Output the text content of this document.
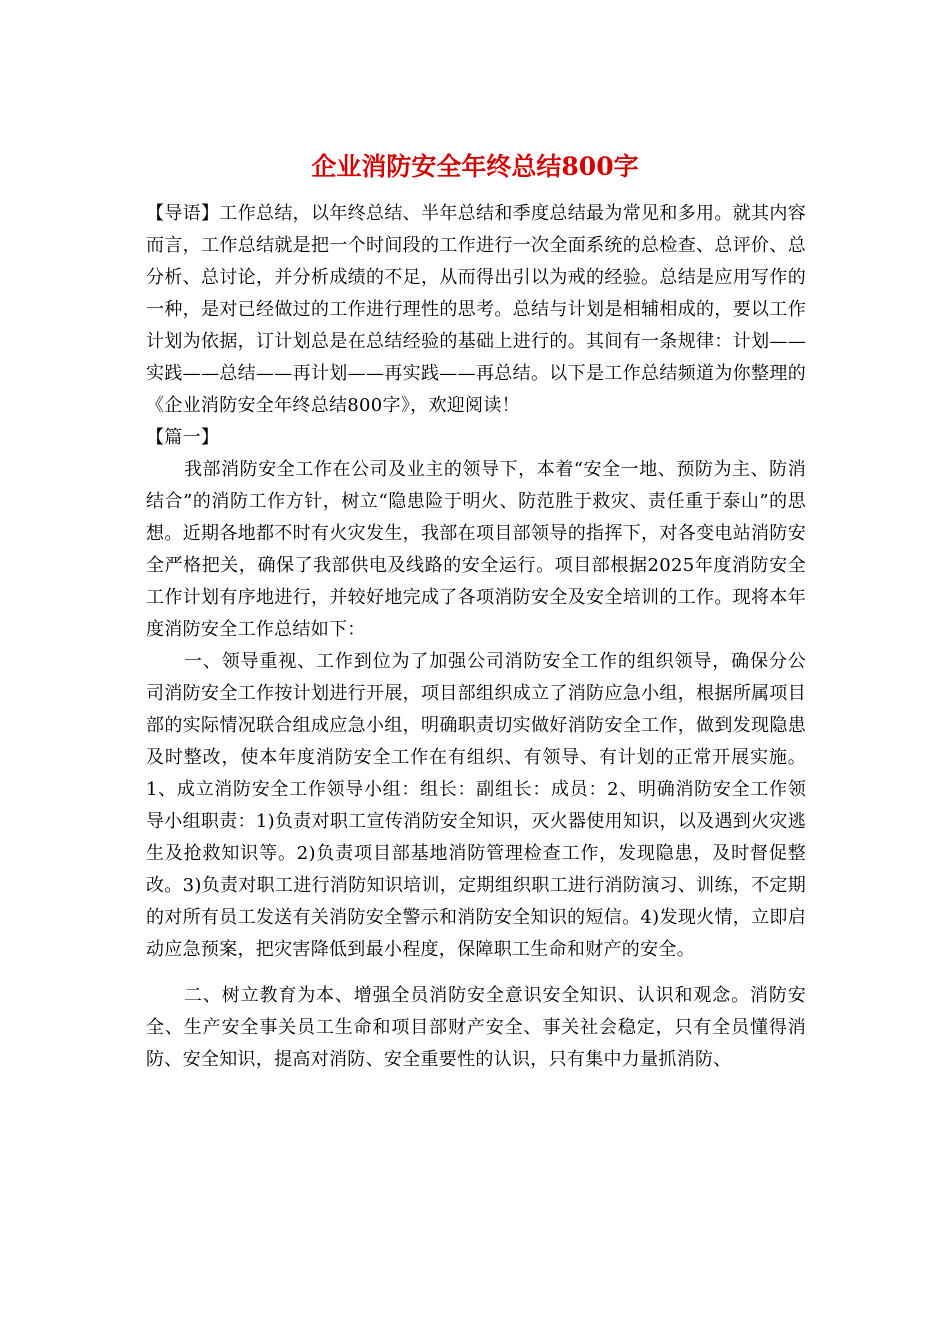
企业消防安全年终总结800字

【导语】工作总结，以年终总结、半年总结和季度总结最为常见和多用。就其内容而言，工作总结就是把一个时间段的工作进行一次全面系统的总检查、总评价、总分析、总讨论，并分析成绩的不足，从而得出引以为戒的经验。总结是应用写作的一种，是对已经做过的工作进行理性的思考。总结与计划是相辅相成的，要以工作计划为依据，订计划总是在总结经验的基础上进行的。其间有一条规律：计划——实践——总结——再计划——再实践——再总结。以下是工作总结频道为你整理的《企业消防安全年终总结800字》，欢迎阅读！

【篇一】

我部消防安全工作在公司及业主的领导下，本着“安全一地、预防为主、防消结合”的消防工作方针，树立“隐患险于明火、防范胜于救灾、责任重于泰山”的思想。近期各地都不时有火灾发生，我部在项目部领导的指挥下，对各变电站消防安全严格把关，确保了我部供电及线路的安全运行。项目部根据2025年度消防安全工作计划有序地进行，并较好地完成了各项消防安全及安全培训的工作。现将本年度消防安全工作总结如下：

一、领导重视、工作到位为了加强公司消防安全工作的组织领导，确保分公司消防安全工作按计划进行开展，项目部组织成立了消防应急小组，根据所属项目部的实际情况联合组成应急小组，明确职责切实做好消防安全工作，做到发现隐患及时整改，使本年度消防安全工作在有组织、有领导、有计划的正常开展实施。1、成立消防安全工作领导小组：组长：副组长：成员：2、明确消防安全工作领导小组职责：1)负责对职工宣传消防安全知识，灭火器使用知识，以及遇到火灾逃生及抢救知识等。2)负责项目部基地消防管理检查工作，发现隐患，及时督促整改。3)负责对职工进行消防知识培训，定期组织职工进行消防演习、训练，不定期的对所有员工发送有关消防安全警示和消防安全知识的短信。4)发现火情，立即启动应急预案，把灾害降低到最小程度，保障职工生命和财产的安全。

二、树立教育为本、增强全员消防安全意识安全知识、认识和观念。消防安全、生产安全事关员工生命和项目部财产安全、事关社会稳定，只有全员懂得消防、安全知识，提高对消防、安全重要性的认识，只有集中力量抓消防、
